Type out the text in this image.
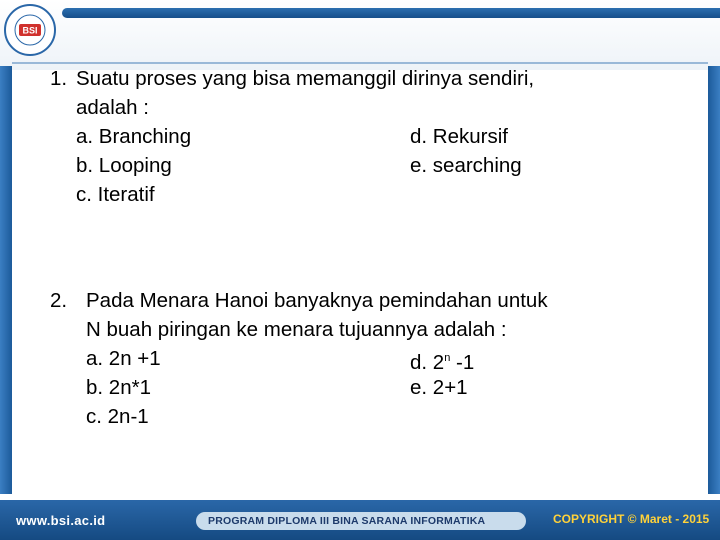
BSI
1. Suatu proses yang bisa memanggil dirinya sendiri,
adalah :
a. Branching	d. Rekursif
b. Looping	e. searching
c. Iteratif
2. Pada Menara Hanoi banyaknya pemindahan untuk
N buah piringan ke menara tujuannya adalah :
a. 2n +1	d. 2$^n$ -1
b. 2n*1	e. 2+1
c. 2n-1
www.bsi.ac.id	PROGRAM DIPLOMA III BINA SARANA INFORMATIKA	COPYRIGHT © Maret - 2015
